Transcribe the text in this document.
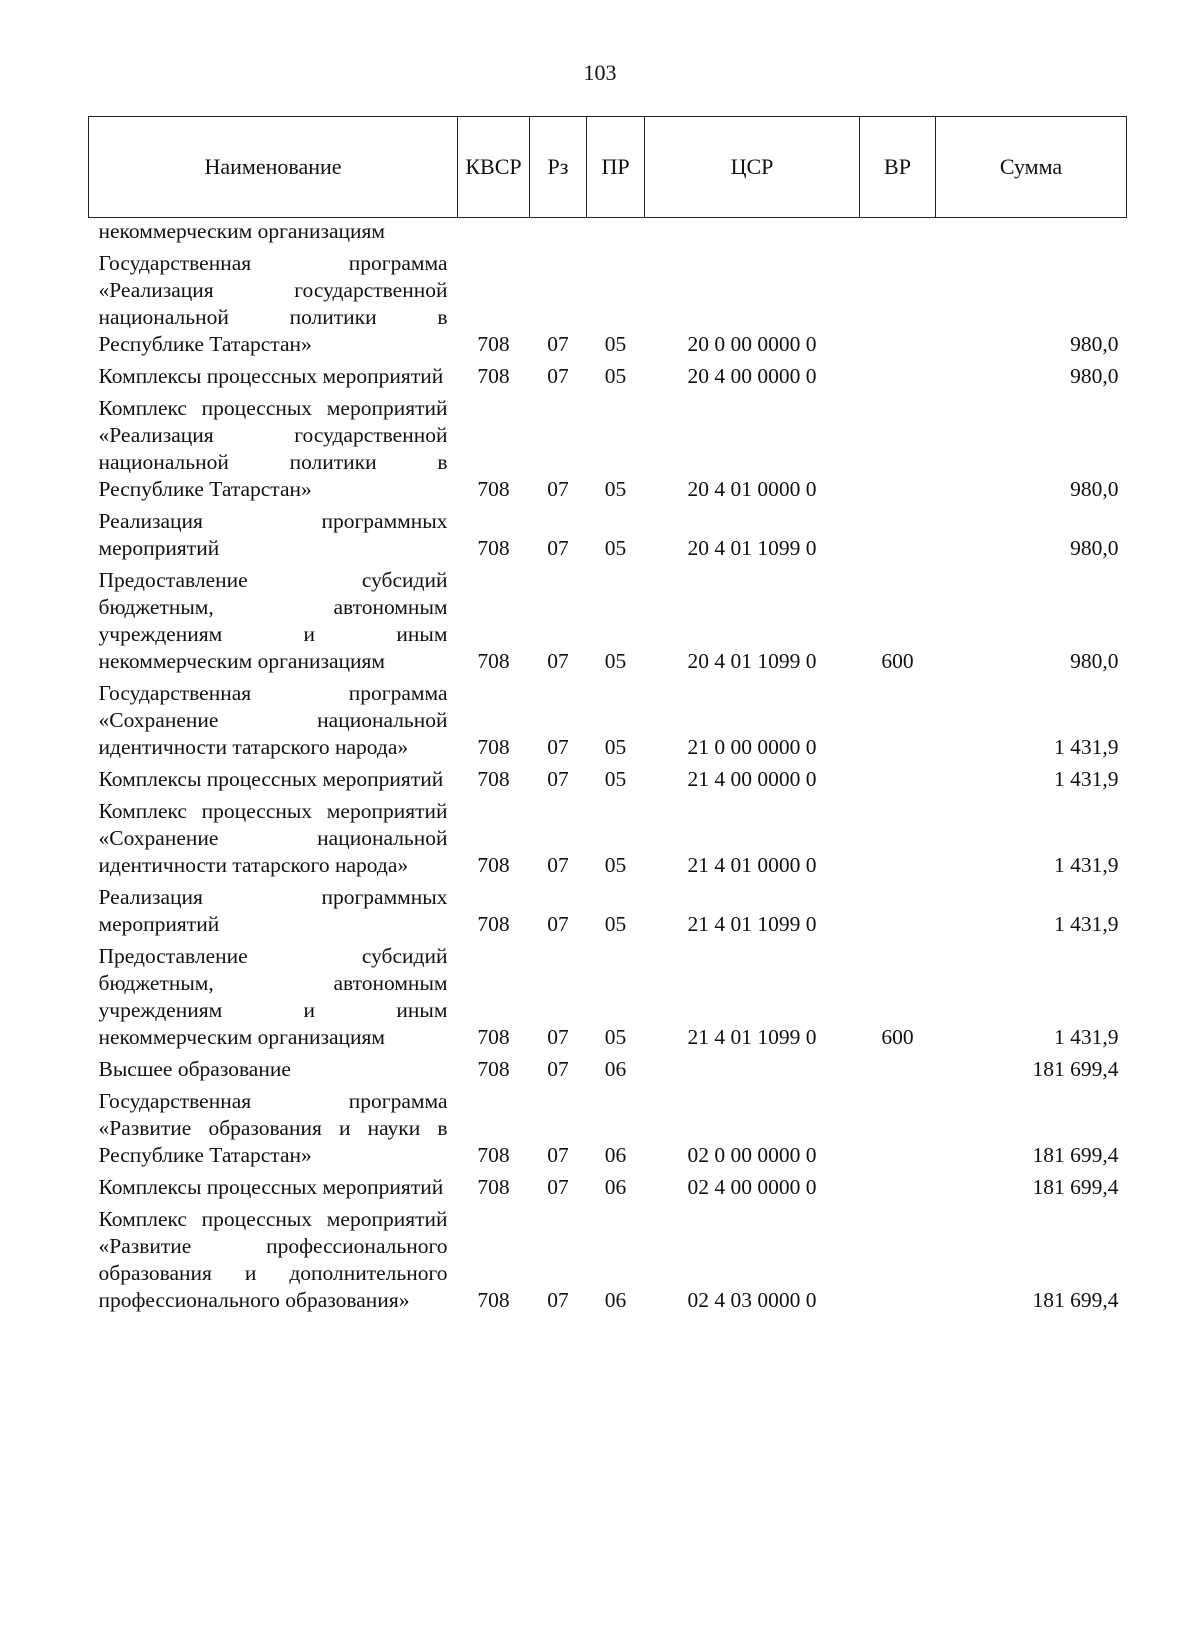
103
Наименование	КВСР	Рз	ПР	ЦСР	ВР	Сумма
некоммерческим организациям						
Государственная программа «Реализация государственной национальной политики в Республике Татарстан»	708	07	05	20 0 00 0000 0		980,0
Комплексы процессных мероприятий	708	07	05	20 4 00 0000 0		980,0
Комплекс процессных мероприятий «Реализация государственной национальной политики в Республике Татарстан»	708	07	05	20 4 01 0000 0		980,0
Реализация программных мероприятий	708	07	05	20 4 01 1099 0		980,0
Предоставление субсидий бюджетным, автономным учреждениям и иным некоммерческим организациям	708	07	05	20 4 01 1099 0	600	980,0
Государственная программа «Сохранение национальной идентичности татарского народа»	708	07	05	21 0 00 0000 0		1 431,9
Комплексы процессных мероприятий	708	07	05	21 4 00 0000 0		1 431,9
Комплекс процессных мероприятий «Сохранение национальной идентичности татарского народа»	708	07	05	21 4 01 0000 0		1 431,9
Реализация программных мероприятий	708	07	05	21 4 01 1099 0		1 431,9
Предоставление субсидий бюджетным, автономным учреждениям и иным некоммерческим организациям	708	07	05	21 4 01 1099 0	600	1 431,9
Высшее образование	708	07	06			181 699,4
Государственная программа «Развитие образования и науки в Республике Татарстан»	708	07	06	02 0 00 0000 0		181 699,4
Комплексы процессных мероприятий	708	07	06	02 4 00 0000 0		181 699,4
Комплекс процессных мероприятий «Развитие профессионального образования и дополнительного профессионального образования»	708	07	06	02 4 03 0000 0		181 699,4
